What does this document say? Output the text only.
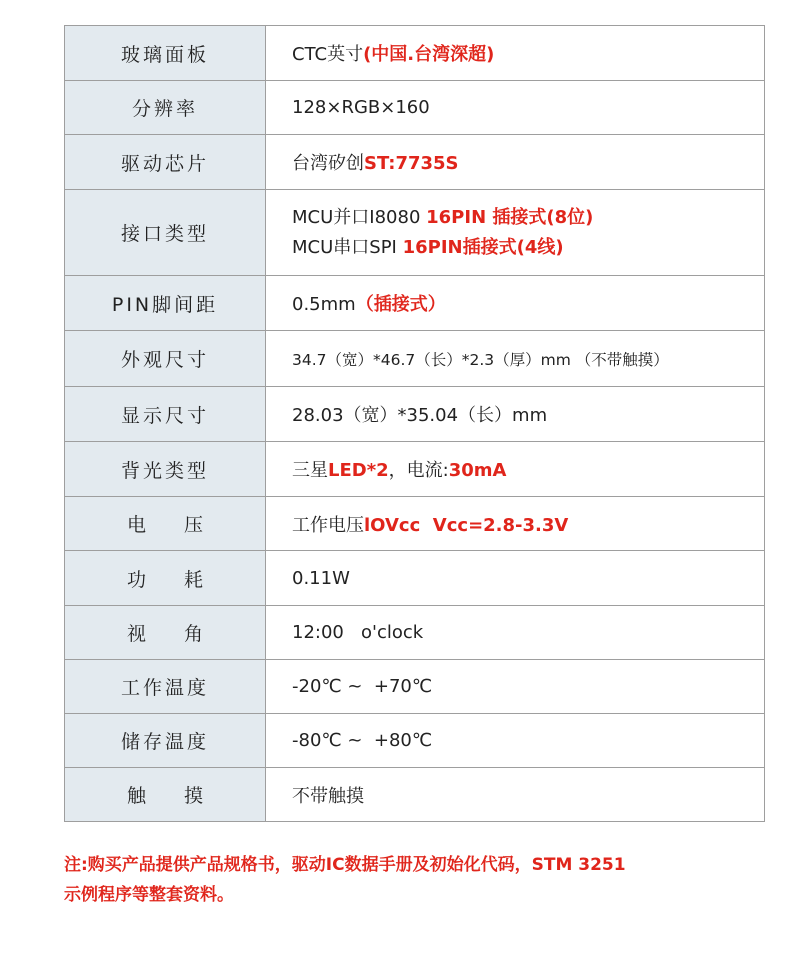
玻璃面板	CTC英寸(中国.台湾深超)
分辨率	128×RGB×160
驱动芯片	台湾矽创ST:7735S
接口类型	MCU并口I8080 16PIN 插接式(8位)
MCU串口SPI 16PIN插接式(4线)

PIN脚间距	0.5mm（插接式）
外观尺寸	34.7（宽）*46.7（长）*2.3（厚）mm （不带触摸）
显示尺寸	28.03（宽）*35.04（长）mm
背光类型	三星LED*2，电流:30mA
电压	工作电压lOVcc  Vcc=2.8-3.3V
功耗	0.11W
视角	12:00   o'clock
工作温度	-20℃ ~  +70℃
储存温度	-80℃ ~  +80℃
触摸	不带触摸
注:购买产品提供产品规格书，驱动IC数据手册及初始化代码，STM 3251
示例程序等整套资料。
